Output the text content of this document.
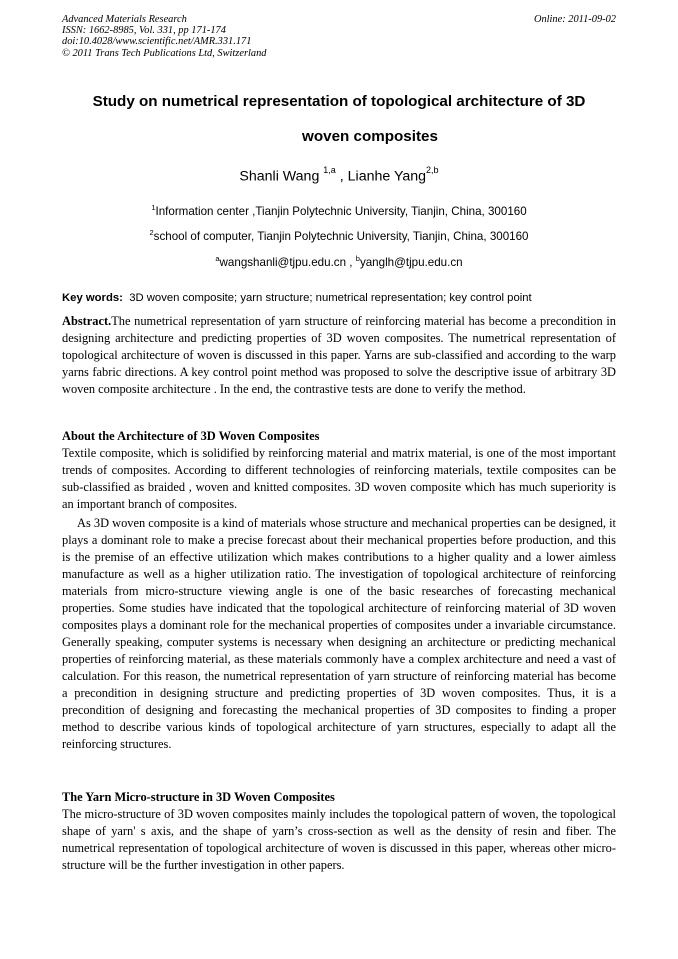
Advanced Materials Research
ISSN: 1662-8985, Vol. 331, pp 171-174
doi:10.4028/www.scientific.net/AMR.331.171
© 2011 Trans Tech Publications Ltd, Switzerland
Online: 2011-09-02
Study on numetrical representation of topological architecture of 3D
woven composites
Shanli Wang $^{1,a}$ , Lianhe Yang$^{2,b}$
$^1$Information center ,Tianjin Polytechnic University, Tianjin, China, 300160
$^2$school of computer, Tianjin Polytechnic University, Tianjin, China, 300160
$^a$wangshanli@tjpu.edu.cn , $^b$yanglh@tjpu.edu.cn
Key words: 3D woven composite; yarn structure; numetrical representation; key control point
Abstract.The numetrical representation of yarn structure of reinforcing material has become a precondition in designing architecture and predicting properties of 3D woven composites. The numetrical representation of topological architecture of woven is discussed in this paper. Yarns are sub-classified and according to the warp yarns fabric directions. A key control point method was proposed to solve the descriptive issue of arbitrary 3D woven composite architecture . In the end, the contrastive tests are done to verify the method.
About the Architecture of 3D Woven Composites
Textile composite, which is solidified by reinforcing material and matrix material, is one of the most important trends of composites. According to different technologies of reinforcing materials, textile composites can be sub-classified as braided , woven and knitted composites. 3D woven composite which has much superiority is an important branch of composites.
As 3D woven composite is a kind of materials whose structure and mechanical properties can be designed, it plays a dominant role to make a precise forecast about their mechanical properties before production, and this is the premise of an effective utilization which makes contributions to a higher quality and a lower aimless manufacture as well as a higher utilization ratio. The investigation of topological architecture of reinforcing materials from micro-structure viewing angle is one of the basic researches of forecasting mechanical properties. Some studies have indicated that the topological architecture of reinforcing material of 3D woven composites plays a dominant role for the mechanical properties of composites under a invariable circumstance. Generally speaking, computer systems is necessary when designing an architecture or predicting mechanical properties of reinforcing material, as these materials commonly have a complex architecture and need a vast of calculation. For this reason, the numetrical representation of yarn structure of reinforcing material has become a precondition in designing structure and predicting properties of 3D woven composites. Thus, it is a precondition of designing and forecasting the mechanical properties of 3D composites to finding a proper method to describe various kinds of topological architecture of yarn structures, especially to adapt all the reinforcing structures.
The Yarn Micro-structure in 3D Woven Composites
The micro-structure of 3D woven composites mainly includes the topological pattern of woven, the topological shape of yarn' s axis, and the shape of yarn’s cross-section as well as the density of resin and fiber. The numetrical representation of topological architecture of woven is discussed in this paper, whereas other micro-structure will be the further investigation in other papers.
